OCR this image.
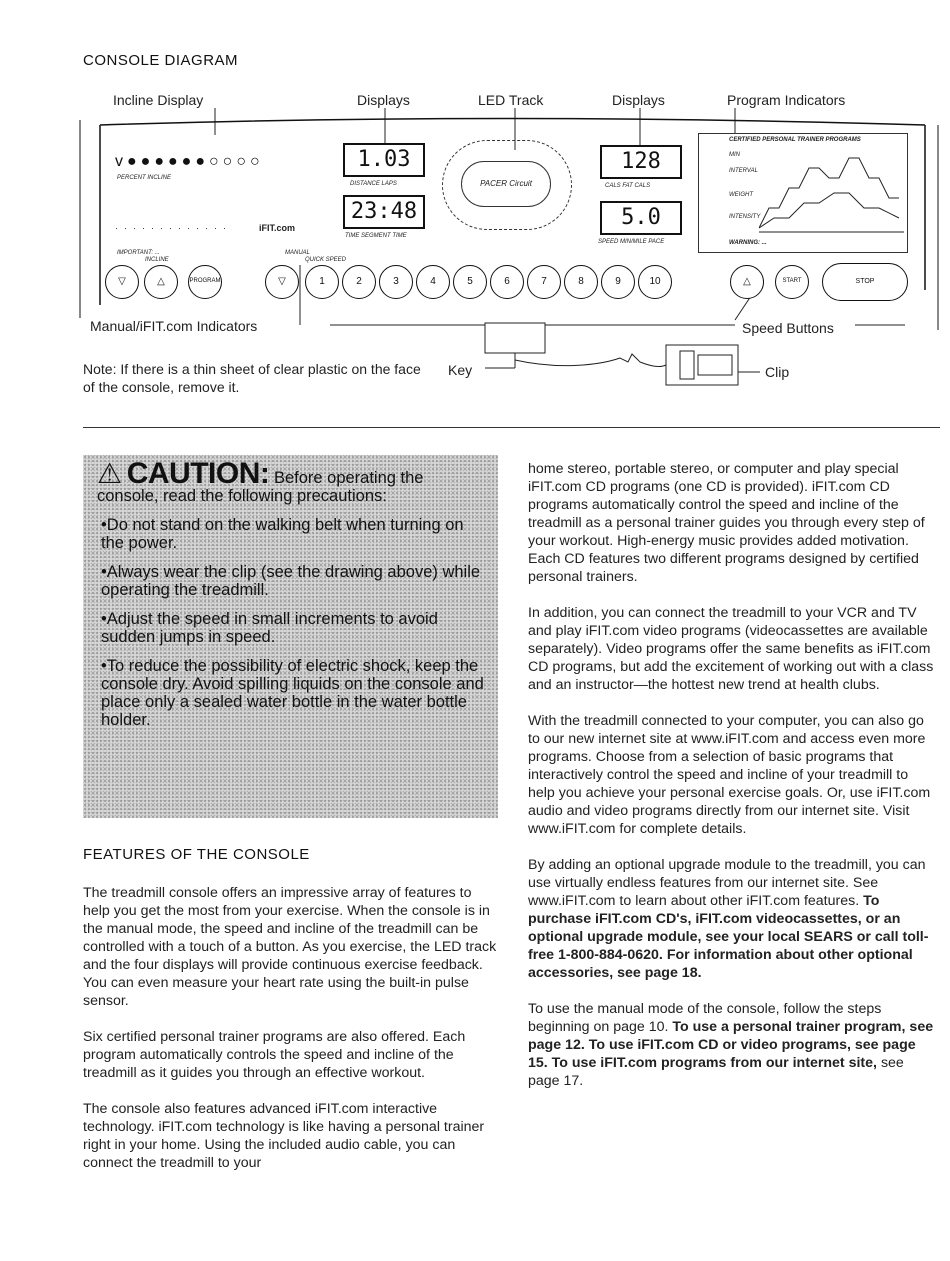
CONSOLE DIAGRAM
Incline Display	Displays	LED Track	Displays	Program Indicators
v●●●●●●○○○○
PERCENT INCLINE
·············	iFIT.com
IMPORTANT: ...	MANUAL
1.03
DISTANCE LAPS
23:48
TIME SEGMENT TIME
PACER Circuit
128
CALS FAT CALS
5.0
SPEED MIN/MILE PACE
CERTIFIED PERSONAL TRAINER PROGRAMS
MIN
INTERVAL
WEIGHT
INTENSITY
WARNING: ...
▽	△
INCLINE
PROGRAM	▽
QUICK SPEED
1	2	3	4	5	6	7	8	9	10	△	START	STOP
Manual/iFIT.com Indicators	Speed Buttons
Key	Clip
Note: If there is a thin sheet of clear plastic on the face of the console, remove it.
⚠ CAUTION: Before operating the console, read the following precautions:

•Do not stand on the walking belt when turning on the power.

•Always wear the clip (see the drawing above) while operating the treadmill.

•Adjust the speed in small increments to avoid sudden jumps in speed.

•To reduce the possibility of electric shock, keep the console dry. Avoid spilling liquids on the console and place only a sealed water bottle in the water bottle holder.

FEATURES OF THE CONSOLE

The treadmill console offers an impressive array of features to help you get the most from your exercise. When the console is in the manual mode, the speed and incline of the treadmill can be controlled with a touch of a button. As you exercise, the LED track and the four displays will provide continuous exercise feedback. You can even measure your heart rate using the built-in pulse sensor.

Six certified personal trainer programs are also offered. Each program automatically controls the speed and incline of the treadmill as it guides you through an effective workout.

The console also features advanced iFIT.com interactive technology. iFIT.com technology is like having a personal trainer right in your home. Using the included audio cable, you can connect the treadmill to your

home stereo, portable stereo, or computer and play special iFIT.com CD programs (one CD is provided). iFIT.com CD programs automatically control the speed and incline of the treadmill as a personal trainer guides you through every step of your workout. High-energy music provides added motivation. Each CD features two different programs designed by certified personal trainers.

In addition, you can connect the treadmill to your VCR and TV and play iFIT.com video programs (videocassettes are available separately). Video programs offer the same benefits as iFIT.com CD programs, but add the excitement of working out with a class and an instructor—the hottest new trend at health clubs.

With the treadmill connected to your computer, you can also go to our new internet site at www.iFIT.com and access even more programs. Choose from a selection of basic programs that interactively control the speed and incline of your treadmill to help you achieve your personal exercise goals. Or, use iFIT.com audio and video programs directly from our internet site. Visit www.iFIT.com for complete details.

By adding an optional upgrade module to the treadmill, you can use virtually endless features from our internet site. See www.iFIT.com to learn about other iFIT.com features. To purchase iFIT.com CD's, iFIT.com videocassettes, or an optional upgrade module, see your local SEARS or call toll-free 1-800-884-0620. For information about other optional accessories, see page 18.

To use the manual mode of the console, follow the steps beginning on page 10. To use a personal trainer program, see page 12. To use iFIT.com CD or video programs, see page 15. To use iFIT.com programs from our internet site, see page 17.
